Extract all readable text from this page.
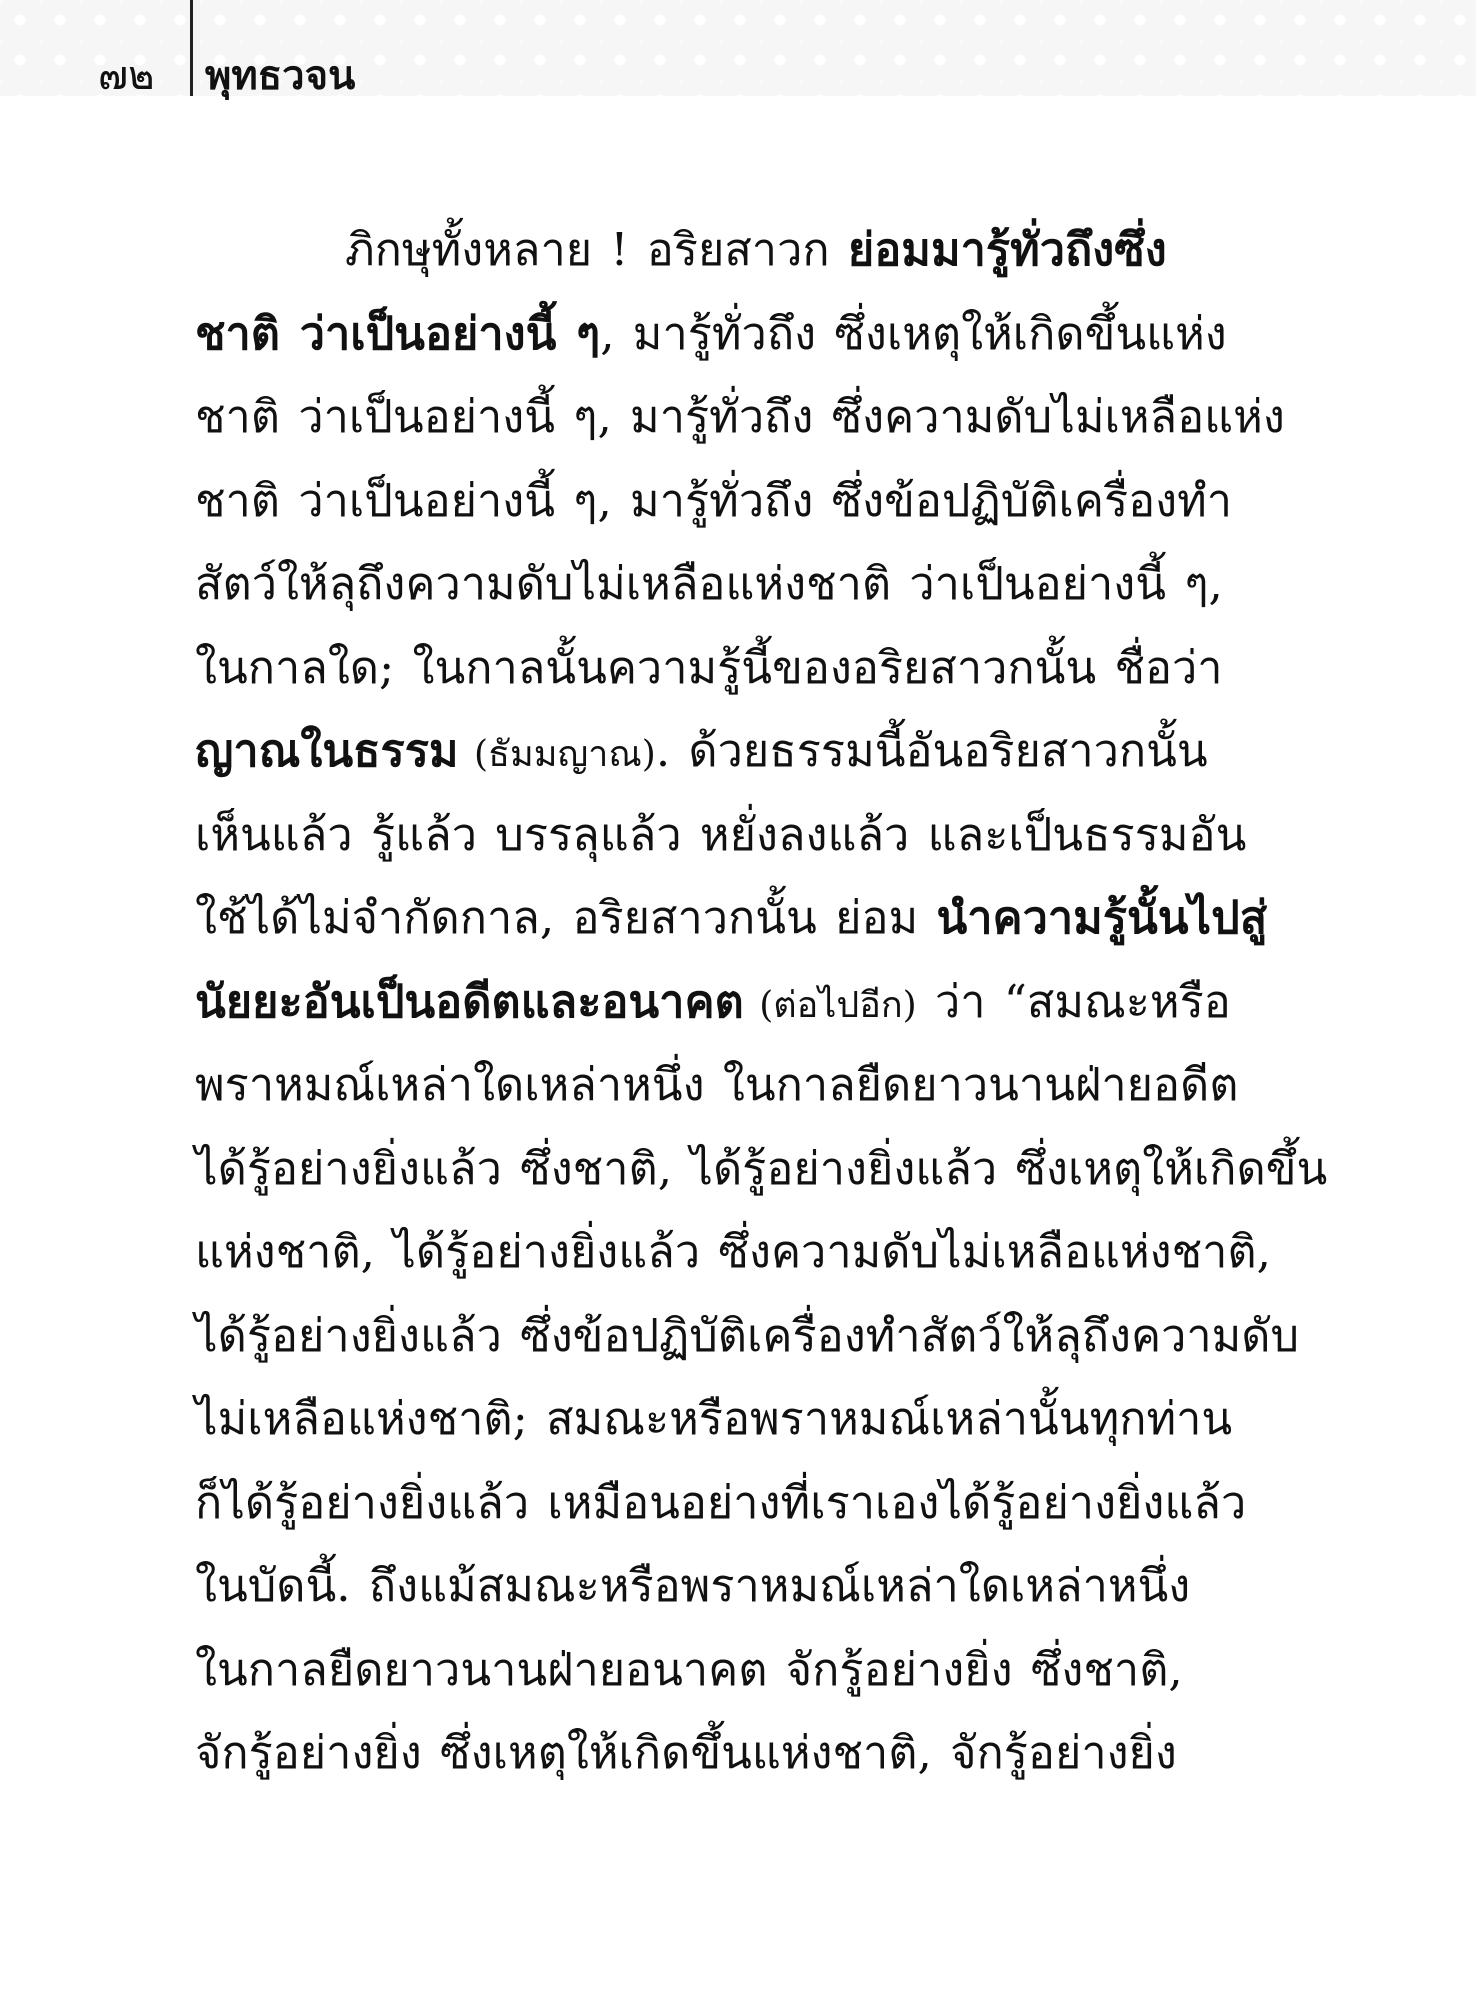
๗๒ พุทธวจน
ภิกษุทั้งหลาย ! อริยสาวก ย่อมมารู้ทั่วถึงซึ่ง
ชาติ ว่าเป็นอย่างนี้ ๆ, มารู้ทั่วถึง ซึ่งเหตุให้เกิดขึ้นแห่ง
ชาติ ว่าเป็นอย่างนี้ ๆ, มารู้ทั่วถึง ซึ่งความดับไม่เหลือแห่ง
ชาติ ว่าเป็นอย่างนี้ ๆ, มารู้ทั่วถึง ซึ่งข้อปฏิบัติเครื่องทำ
สัตว์ให้ลุถึงความดับไม่เหลือแห่งชาติ ว่าเป็นอย่างนี้ ๆ,
ในกาลใด; ในกาลนั้นความรู้นี้ของอริยสาวกนั้น ชื่อว่า
ญาณในธรรม (ธัมมญาณ). ด้วยธรรมนี้อันอริยสาวกนั้น
เห็นแล้ว รู้แล้ว บรรลุแล้ว หยั่งลงแล้ว และเป็นธรรมอัน
ใช้ได้ไม่จำกัดกาล, อริยสาวกนั้น ย่อม นำความรู้นั้นไปสู่
นัยยะอันเป็นอดีตและอนาคต (ต่อไปอีก) ว่า “สมณะหรือ
พราหมณ์เหล่าใดเหล่าหนึ่ง ในกาลยืดยาวนานฝ่ายอดีต
ได้รู้อย่างยิ่งแล้ว ซึ่งชาติ, ได้รู้อย่างยิ่งแล้ว ซึ่งเหตุให้เกิดขึ้น
แห่งชาติ, ได้รู้อย่างยิ่งแล้ว ซึ่งความดับไม่เหลือแห่งชาติ,
ได้รู้อย่างยิ่งแล้ว ซึ่งข้อปฏิบัติเครื่องทำสัตว์ให้ลุถึงความดับ
ไม่เหลือแห่งชาติ; สมณะหรือพราหมณ์เหล่านั้นทุกท่าน
ก็ได้รู้อย่างยิ่งแล้ว เหมือนอย่างที่เราเองได้รู้อย่างยิ่งแล้ว
ในบัดนี้. ถึงแม้สมณะหรือพราหมณ์เหล่าใดเหล่าหนึ่ง
ในกาลยืดยาวนานฝ่ายอนาคต จักรู้อย่างยิ่ง ซึ่งชาติ,
จักรู้อย่างยิ่ง ซึ่งเหตุให้เกิดขึ้นแห่งชาติ, จักรู้อย่างยิ่ง
